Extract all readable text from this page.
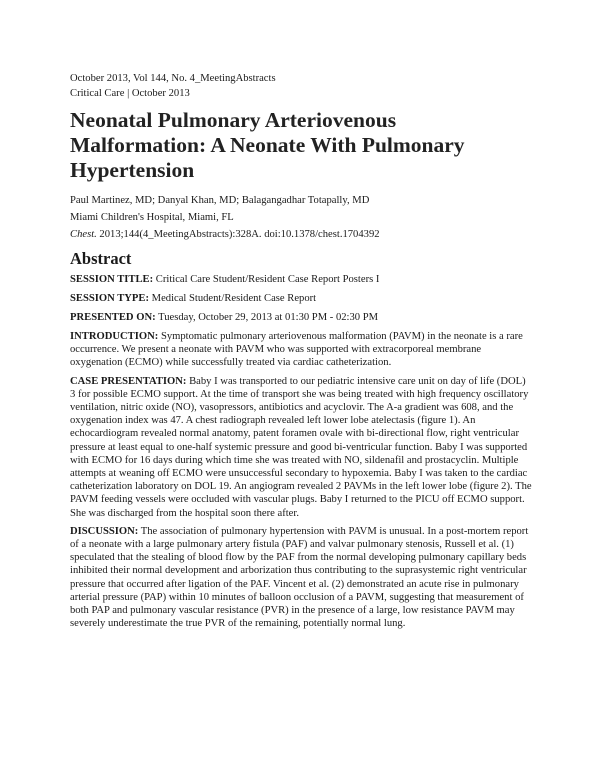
October 2013, Vol 144, No. 4_MeetingAbstracts

Critical Care | October 2013

Neonatal Pulmonary Arteriovenous Malformation: A Neonate With Pulmonary Hypertension

Paul Martinez, MD; Danyal Khan, MD; Balagangadhar Totapally, MD

Miami Children's Hospital, Miami, FL

Chest. 2013;144(4_MeetingAbstracts):328A. doi:10.1378/chest.1704392

Abstract

SESSION TITLE: Critical Care Student/Resident Case Report Posters I

SESSION TYPE: Medical Student/Resident Case Report

PRESENTED ON: Tuesday, October 29, 2013 at 01:30 PM - 02:30 PM

INTRODUCTION: Symptomatic pulmonary arteriovenous malformation (PAVM) in the neonate is a rare occurrence. We present a neonate with PAVM who was supported with extracorporeal membrane oxygenation (ECMO) while successfully treated via cardiac catheterization.

CASE PRESENTATION: Baby I was transported to our pediatric intensive care unit on day of life (DOL) 3 for possible ECMO support. At the time of transport she was being treated with high frequency oscillatory ventilation, nitric oxide (NO), vasopressors, antibiotics and acyclovir. The A-a gradient was 608, and the oxygenation index was 47. A chest radiograph revealed left lower lobe atelectasis (figure 1). An echocardiogram revealed normal anatomy, patent foramen ovale with bi-directional flow, right ventricular pressure at least equal to one-half systemic pressure and good bi-ventricular function. Baby I was supported with ECMO for 16 days during which time she was treated with NO, sildenafil and prostacyclin. Multiple attempts at weaning off ECMO were unsuccessful secondary to hypoxemia. Baby I was taken to the cardiac catheterization laboratory on DOL 19. An angiogram revealed 2 PAVMs in the left lower lobe (figure 2). The PAVM feeding vessels were occluded with vascular plugs. Baby I returned to the PICU off ECMO support. She was discharged from the hospital soon there after.

DISCUSSION: The association of pulmonary hypertension with PAVM is unusual. In a post-mortem report of a neonate with a large pulmonary artery fistula (PAF) and valvar pulmonary stenosis, Russell et al. (1) speculated that the stealing of blood flow by the PAF from the normal developing pulmonary capillary beds inhibited their normal development and arborization thus contributing to the suprasystemic right ventricular pressure that occurred after ligation of the PAF. Vincent et al. (2) demonstrated an acute rise in pulmonary arterial pressure (PAP) within 10 minutes of balloon occlusion of a PAVM, suggesting that measurement of both PAP and pulmonary vascular resistance (PVR) in the presence of a large, low resistance PAVM may severely underestimate the true PVR of the remaining, potentially normal lung.
